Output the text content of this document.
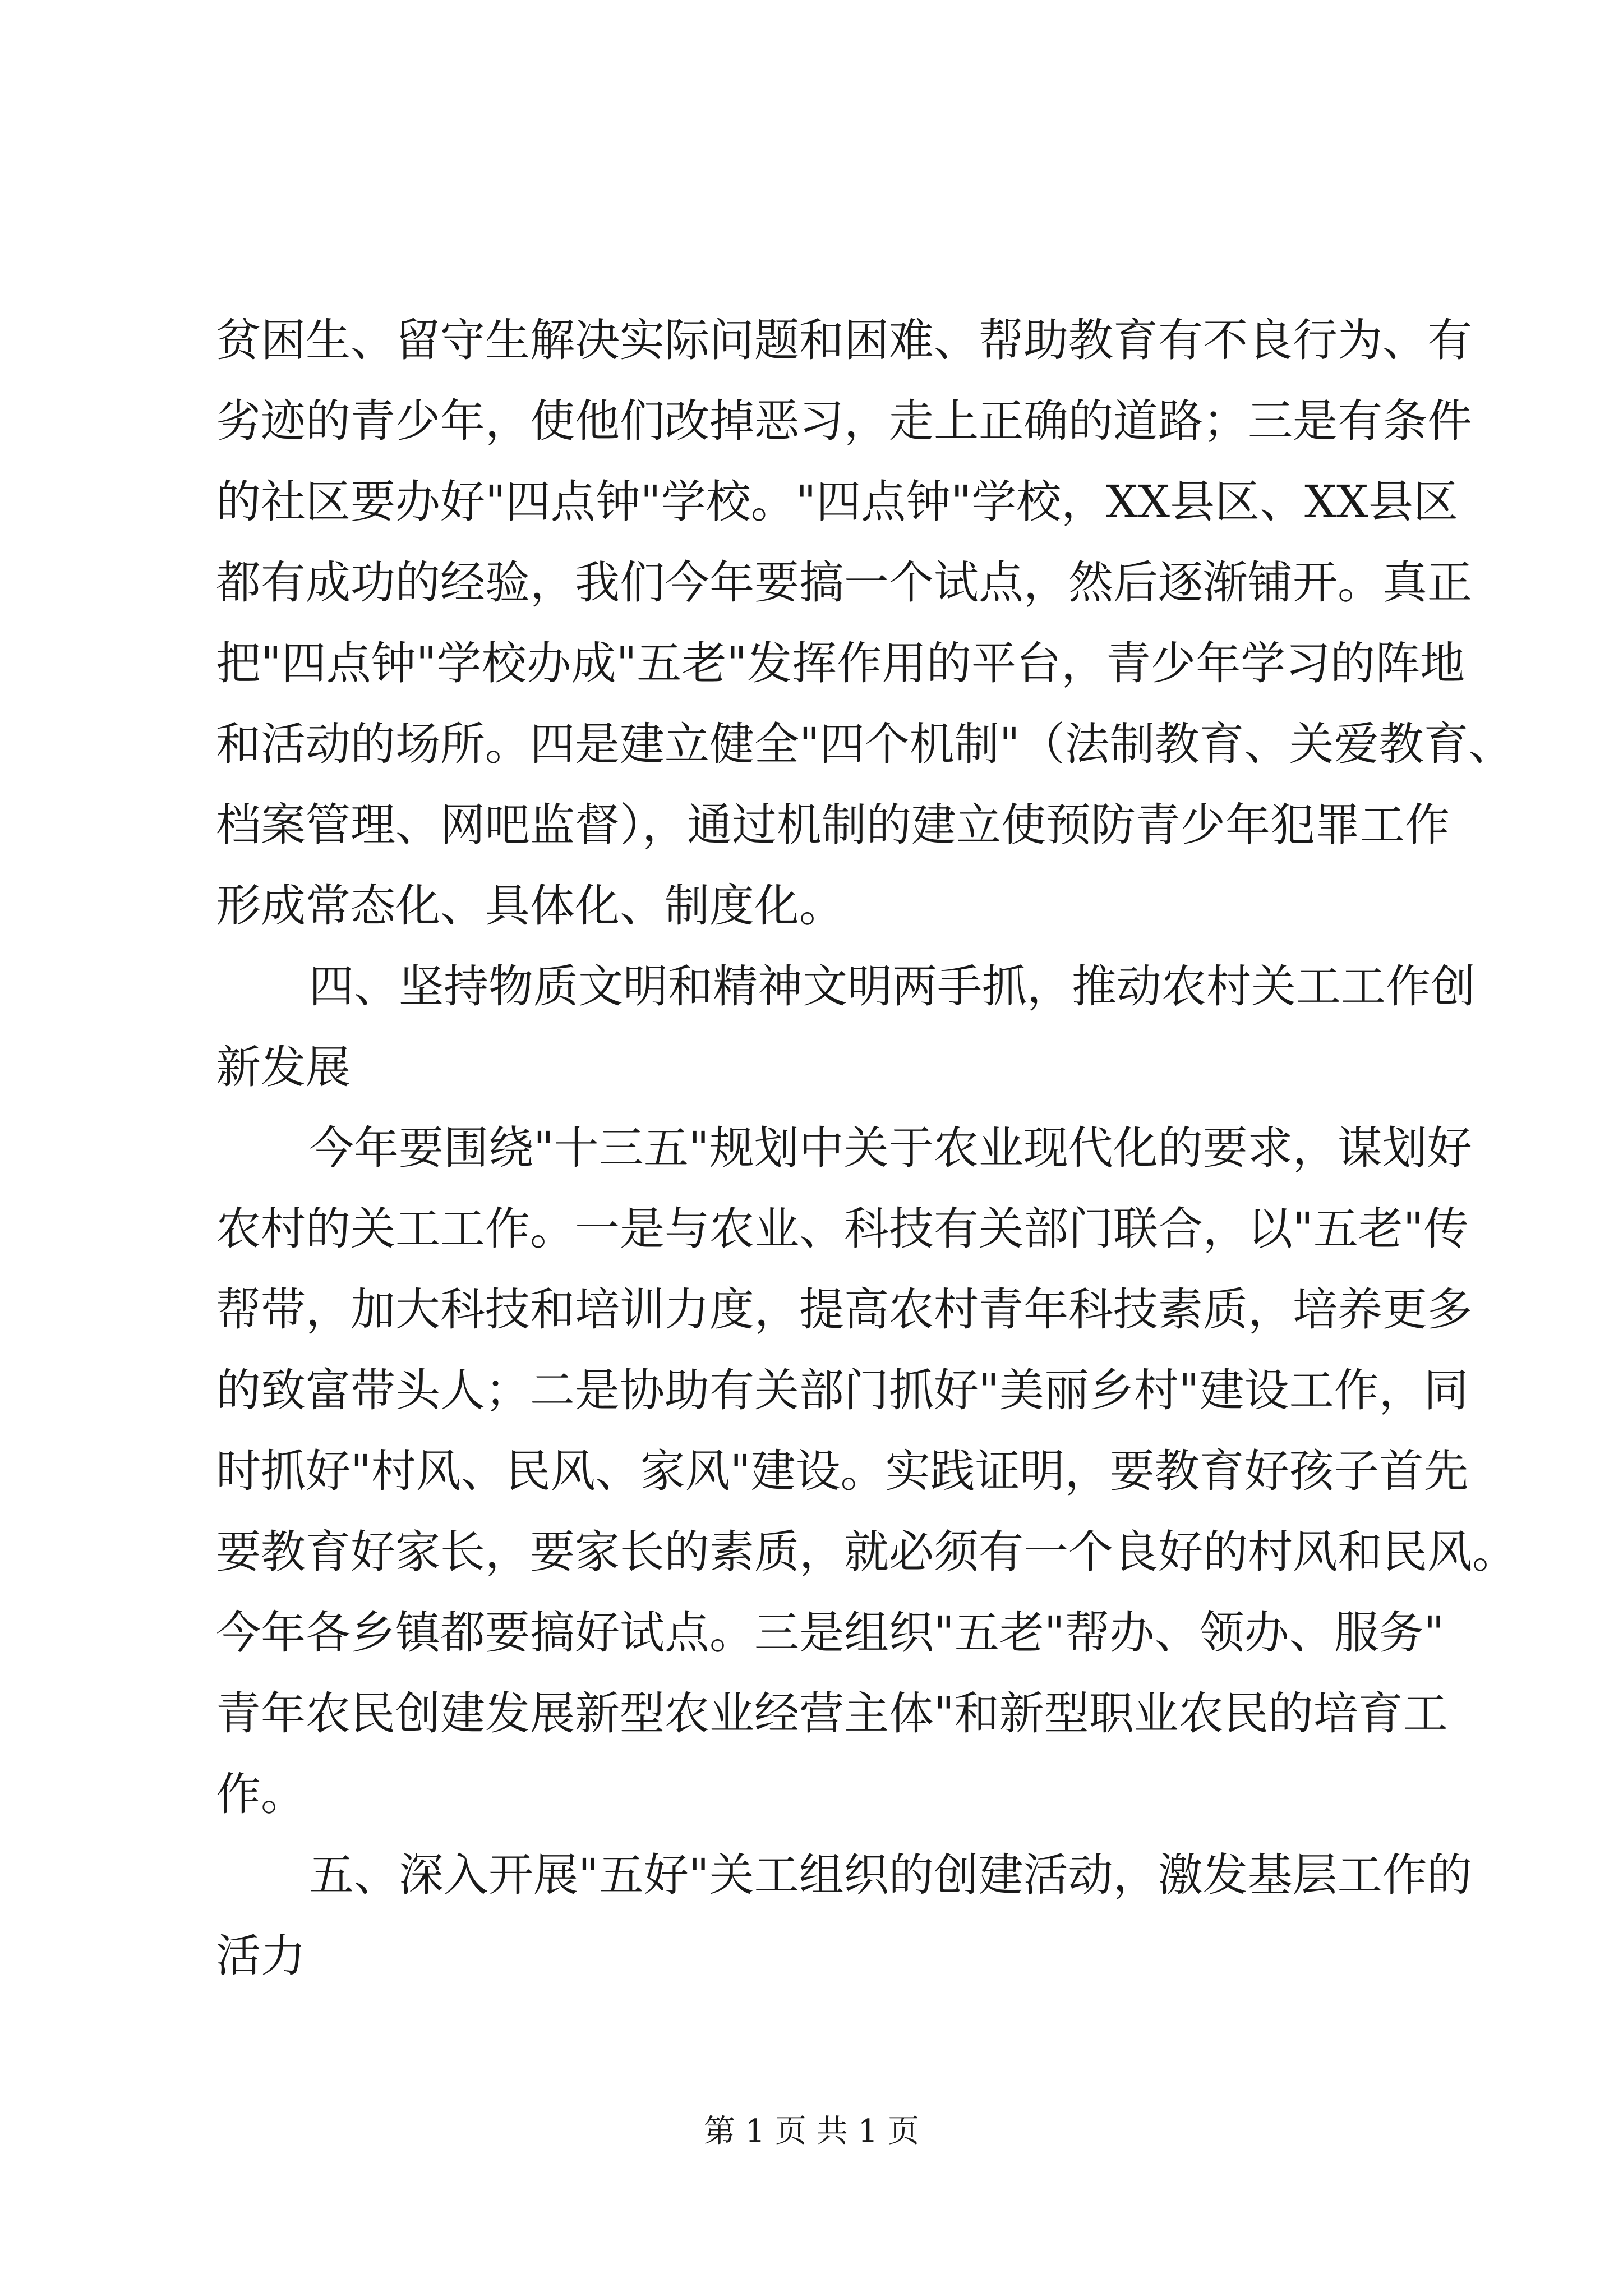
贫困生、留守生解决实际问题和困难、帮助教育有不良行为、有
劣迹的青少年，使他们改掉恶习，走上正确的道路；三是有条件
的社区要办好"四点钟"学校。"四点钟"学校，XX县区、XX县区
都有成功的经验，我们今年要搞一个试点，然后逐渐铺开。真正
把"四点钟"学校办成"五老"发挥作用的平台，青少年学习的阵地
和活动的场所。四是建立健全"四个机制"（法制教育、关爱教育、
档案管理、网吧监督），通过机制的建立使预防青少年犯罪工作
形成常态化、具体化、制度化。
四、坚持物质文明和精神文明两手抓，推动农村关工工作创
新发展
今年要围绕"十三五"规划中关于农业现代化的要求，谋划好
农村的关工工作。一是与农业、科技有关部门联合，以"五老"传
帮带，加大科技和培训力度，提高农村青年科技素质，培养更多
的致富带头人；二是协助有关部门抓好"美丽乡村"建设工作，同
时抓好"村风、民风、家风"建设。实践证明，要教育好孩子首先
要教育好家长，要家长的素质，就必须有一个良好的村风和民风。
今年各乡镇都要搞好试点。三是组织"五老"帮办、领办、服务"
青年农民创建发展新型农业经营主体"和新型职业农民的培育工
作。
五、深入开展"五好"关工组织的创建活动，激发基层工作的
活力
第 1 页 共 1 页
